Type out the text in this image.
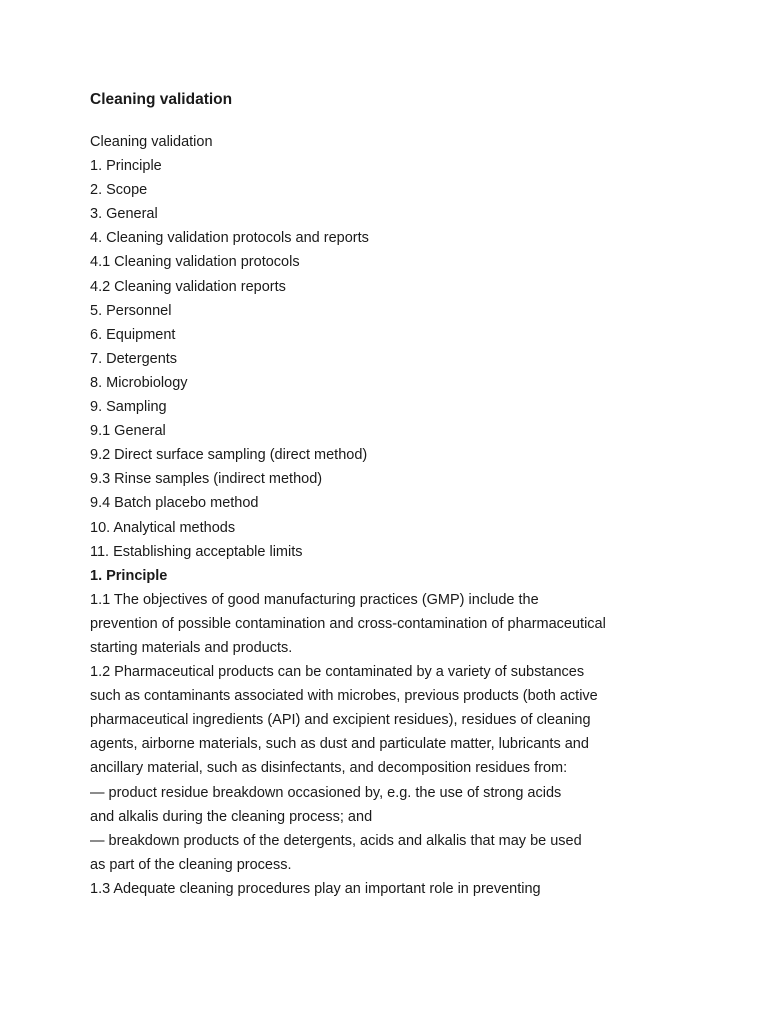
Cleaning validation

Cleaning validation

1. Principle

2. Scope

3. General

4. Cleaning validation protocols and reports

4.1 Cleaning validation protocols

4.2 Cleaning validation reports

5. Personnel

6. Equipment

7. Detergents

8. Microbiology

9. Sampling

9.1 General

9.2 Direct surface sampling (direct method)

9.3 Rinse samples (indirect method)

9.4 Batch placebo method

10. Analytical methods

11. Establishing acceptable limits

1. Principle

1.1 The objectives of good manufacturing practices (GMP) include the

prevention of possible contamination and cross-contamination of pharmaceutical

starting materials and products.

1.2 Pharmaceutical products can be contaminated by a variety of substances

such as contaminants associated with microbes, previous products (both active

pharmaceutical ingredients (API) and excipient residues), residues of cleaning

agents, airborne materials, such as dust and particulate matter, lubricants and

ancillary material, such as disinfectants, and decomposition residues from:

— product residue breakdown occasioned by, e.g. the use of strong acids

and alkalis during the cleaning process; and

— breakdown products of the detergents, acids and alkalis that may be used

as part of the cleaning process.

1.3 Adequate cleaning procedures play an important role in preventing
